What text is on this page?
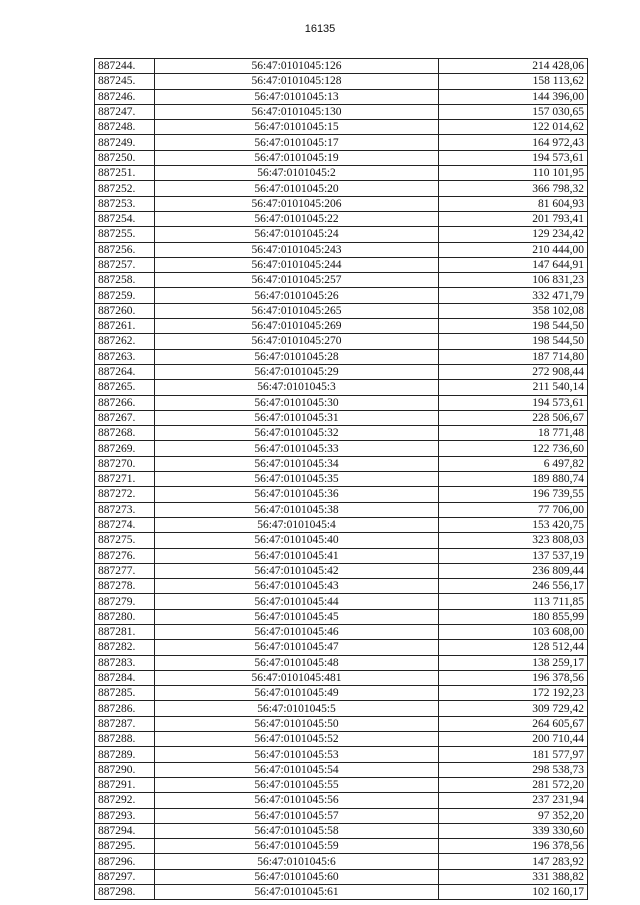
16135
887244.	56:47:0101045:126	214 428,06
887245.	56:47:0101045:128	158 113,62
887246.	56:47:0101045:13	144 396,00
887247.	56:47:0101045:130	157 030,65
887248.	56:47:0101045:15	122 014,62
887249.	56:47:0101045:17	164 972,43
887250.	56:47:0101045:19	194 573,61
887251.	56:47:0101045:2	110 101,95
887252.	56:47:0101045:20	366 798,32
887253.	56:47:0101045:206	81 604,93
887254.	56:47:0101045:22	201 793,41
887255.	56:47:0101045:24	129 234,42
887256.	56:47:0101045:243	210 444,00
887257.	56:47:0101045:244	147 644,91
887258.	56:47:0101045:257	106 831,23
887259.	56:47:0101045:26	332 471,79
887260.	56:47:0101045:265	358 102,08
887261.	56:47:0101045:269	198 544,50
887262.	56:47:0101045:270	198 544,50
887263.	56:47:0101045:28	187 714,80
887264.	56:47:0101045:29	272 908,44
887265.	56:47:0101045:3	211 540,14
887266.	56:47:0101045:30	194 573,61
887267.	56:47:0101045:31	228 506,67
887268.	56:47:0101045:32	18 771,48
887269.	56:47:0101045:33	122 736,60
887270.	56:47:0101045:34	6 497,82
887271.	56:47:0101045:35	189 880,74
887272.	56:47:0101045:36	196 739,55
887273.	56:47:0101045:38	77 706,00
887274.	56:47:0101045:4	153 420,75
887275.	56:47:0101045:40	323 808,03
887276.	56:47:0101045:41	137 537,19
887277.	56:47:0101045:42	236 809,44
887278.	56:47:0101045:43	246 556,17
887279.	56:47:0101045:44	113 711,85
887280.	56:47:0101045:45	180 855,99
887281.	56:47:0101045:46	103 608,00
887282.	56:47:0101045:47	128 512,44
887283.	56:47:0101045:48	138 259,17
887284.	56:47:0101045:481	196 378,56
887285.	56:47:0101045:49	172 192,23
887286.	56:47:0101045:5	309 729,42
887287.	56:47:0101045:50	264 605,67
887288.	56:47:0101045:52	200 710,44
887289.	56:47:0101045:53	181 577,97
887290.	56:47:0101045:54	298 538,73
887291.	56:47:0101045:55	281 572,20
887292.	56:47:0101045:56	237 231,94
887293.	56:47:0101045:57	97 352,20
887294.	56:47:0101045:58	339 330,60
887295.	56:47:0101045:59	196 378,56
887296.	56:47:0101045:6	147 283,92
887297.	56:47:0101045:60	331 388,82
887298.	56:47:0101045:61	102 160,17
